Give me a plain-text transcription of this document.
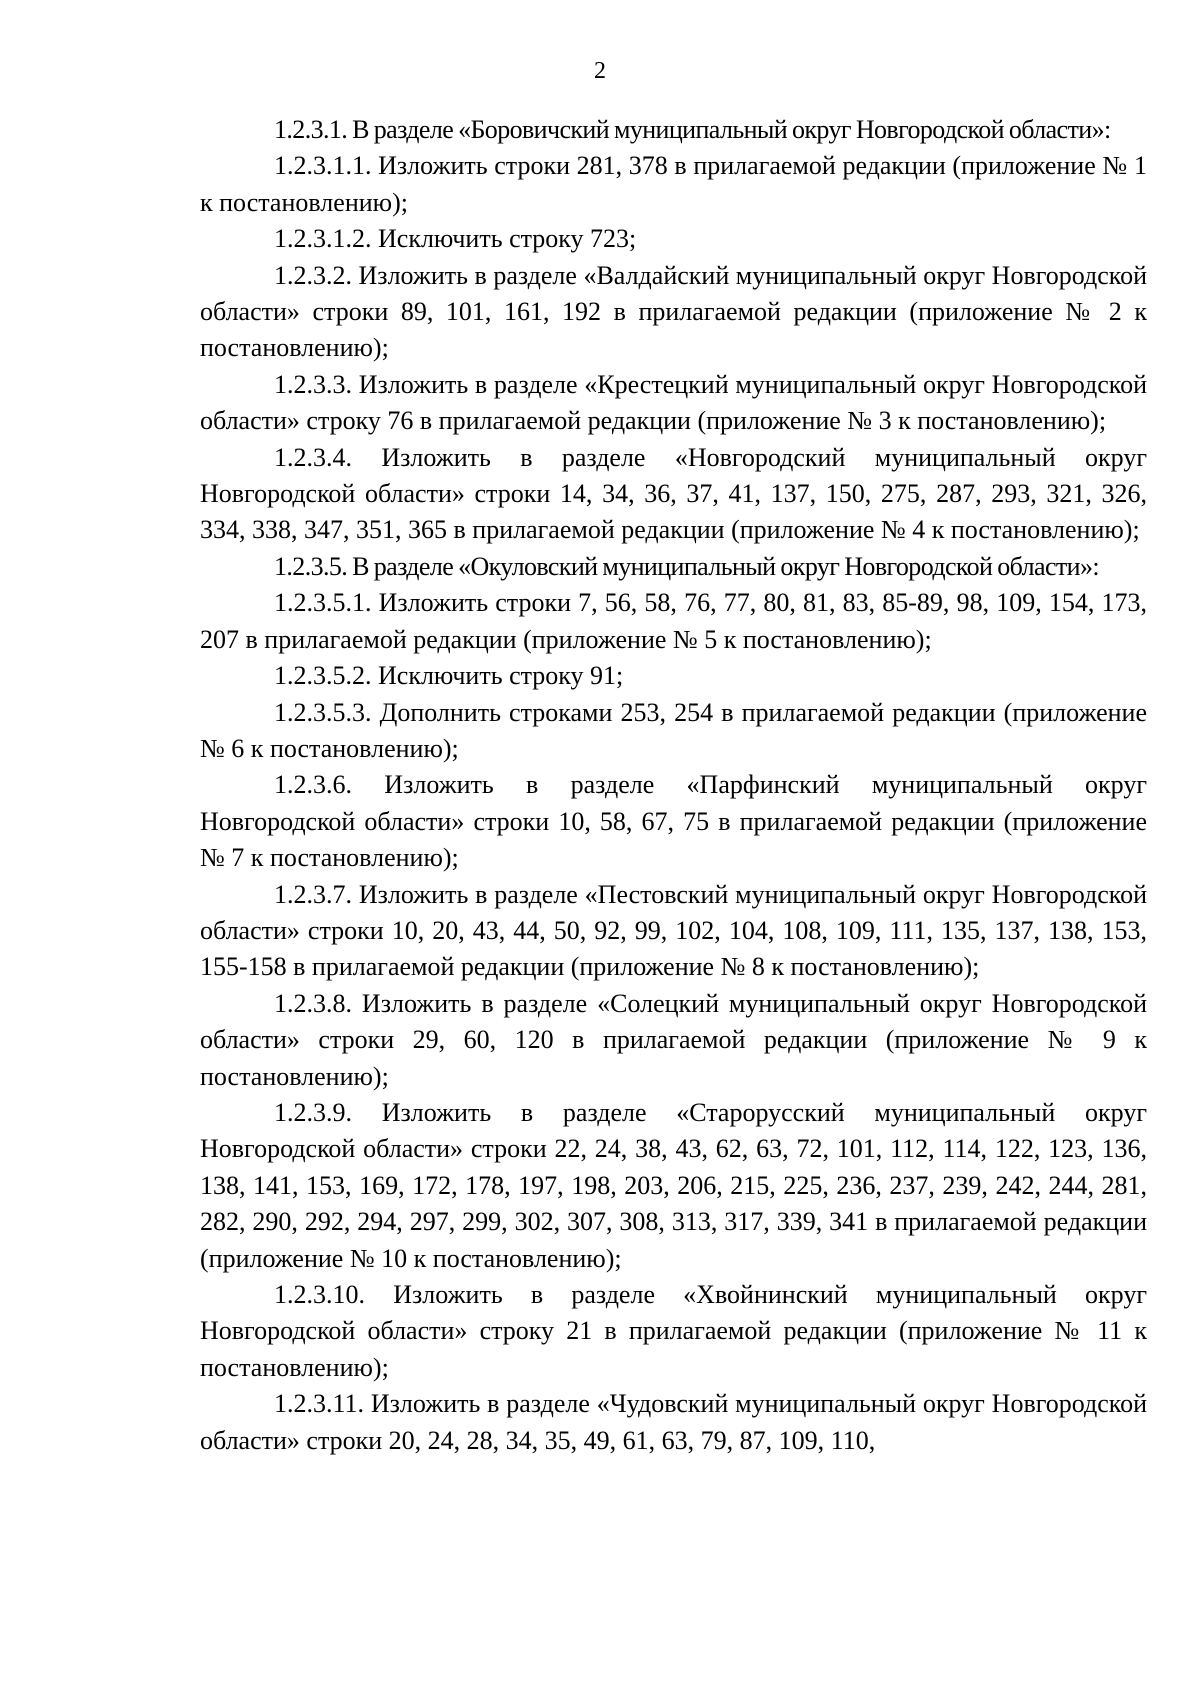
2

1.2.3.1. В разделе «Боровичский муниципальный округ Новгородской области»:

1.2.3.1.1. Изложить строки 281, 378 в прилагаемой редакции (приложение № 1 к постановлению);

1.2.3.1.2. Исключить строку 723;

1.2.3.2. Изложить в разделе «Валдайский муниципальный округ Новгородской области» строки 89, 101, 161, 192 в прилагаемой редакции (приложение № 2 к постановлению);

1.2.3.3. Изложить в разделе «Крестецкий муниципальный округ Новгородской области» строку 76 в прилагаемой редакции (приложение № 3 к постановлению);

1.2.3.4. Изложить в разделе «Новгородский муниципальный округ Новгородской области» строки 14, 34, 36, 37, 41, 137, 150, 275, 287, 293, 321, 326, 334, 338, 347, 351, 365 в прилагаемой редакции (приложение № 4 к постановлению);

1.2.3.5. В разделе «Окуловский муниципальный округ Новгородской области»:

1.2.3.5.1. Изложить строки 7, 56, 58, 76, 77, 80, 81, 83, 85-89, 98, 109, 154, 173, 207 в прилагаемой редакции (приложение № 5 к постановлению);

1.2.3.5.2. Исключить строку 91;

1.2.3.5.3. Дополнить строками 253, 254 в прилагаемой редакции (приложение № 6 к постановлению);

1.2.3.6. Изложить в разделе «Парфинский муниципальный округ Новгородской области» строки 10, 58, 67, 75 в прилагаемой редакции (приложение № 7 к постановлению);

1.2.3.7. Изложить в разделе «Пестовский муниципальный округ Новгородской области» строки 10, 20, 43, 44, 50, 92, 99, 102, 104, 108, 109, 111, 135, 137, 138, 153, 155-158 в прилагаемой редакции (приложение № 8 к постановлению);

1.2.3.8. Изложить в разделе «Солецкий муниципальный округ Новгородской области» строки 29, 60, 120 в прилагаемой редакции (приложение № 9 к постановлению);

1.2.3.9. Изложить в разделе «Старорусский муниципальный округ Новгородской области» строки 22, 24, 38, 43, 62, 63, 72, 101, 112, 114, 122, 123, 136, 138, 141, 153, 169, 172, 178, 197, 198, 203, 206, 215, 225, 236, 237, 239, 242, 244, 281, 282, 290, 292, 294, 297, 299, 302, 307, 308, 313, 317, 339, 341 в прилагаемой редакции (приложение № 10 к постановлению);

1.2.3.10. Изложить в разделе «Хвойнинский муниципальный округ Новгородской области» строку 21 в прилагаемой редакции (приложение № 11 к постановлению);

1.2.3.11. Изложить в разделе «Чудовский муниципальный округ Новгородской области» строки 20, 24, 28, 34, 35, 49, 61, 63, 79, 87, 109, 110,
